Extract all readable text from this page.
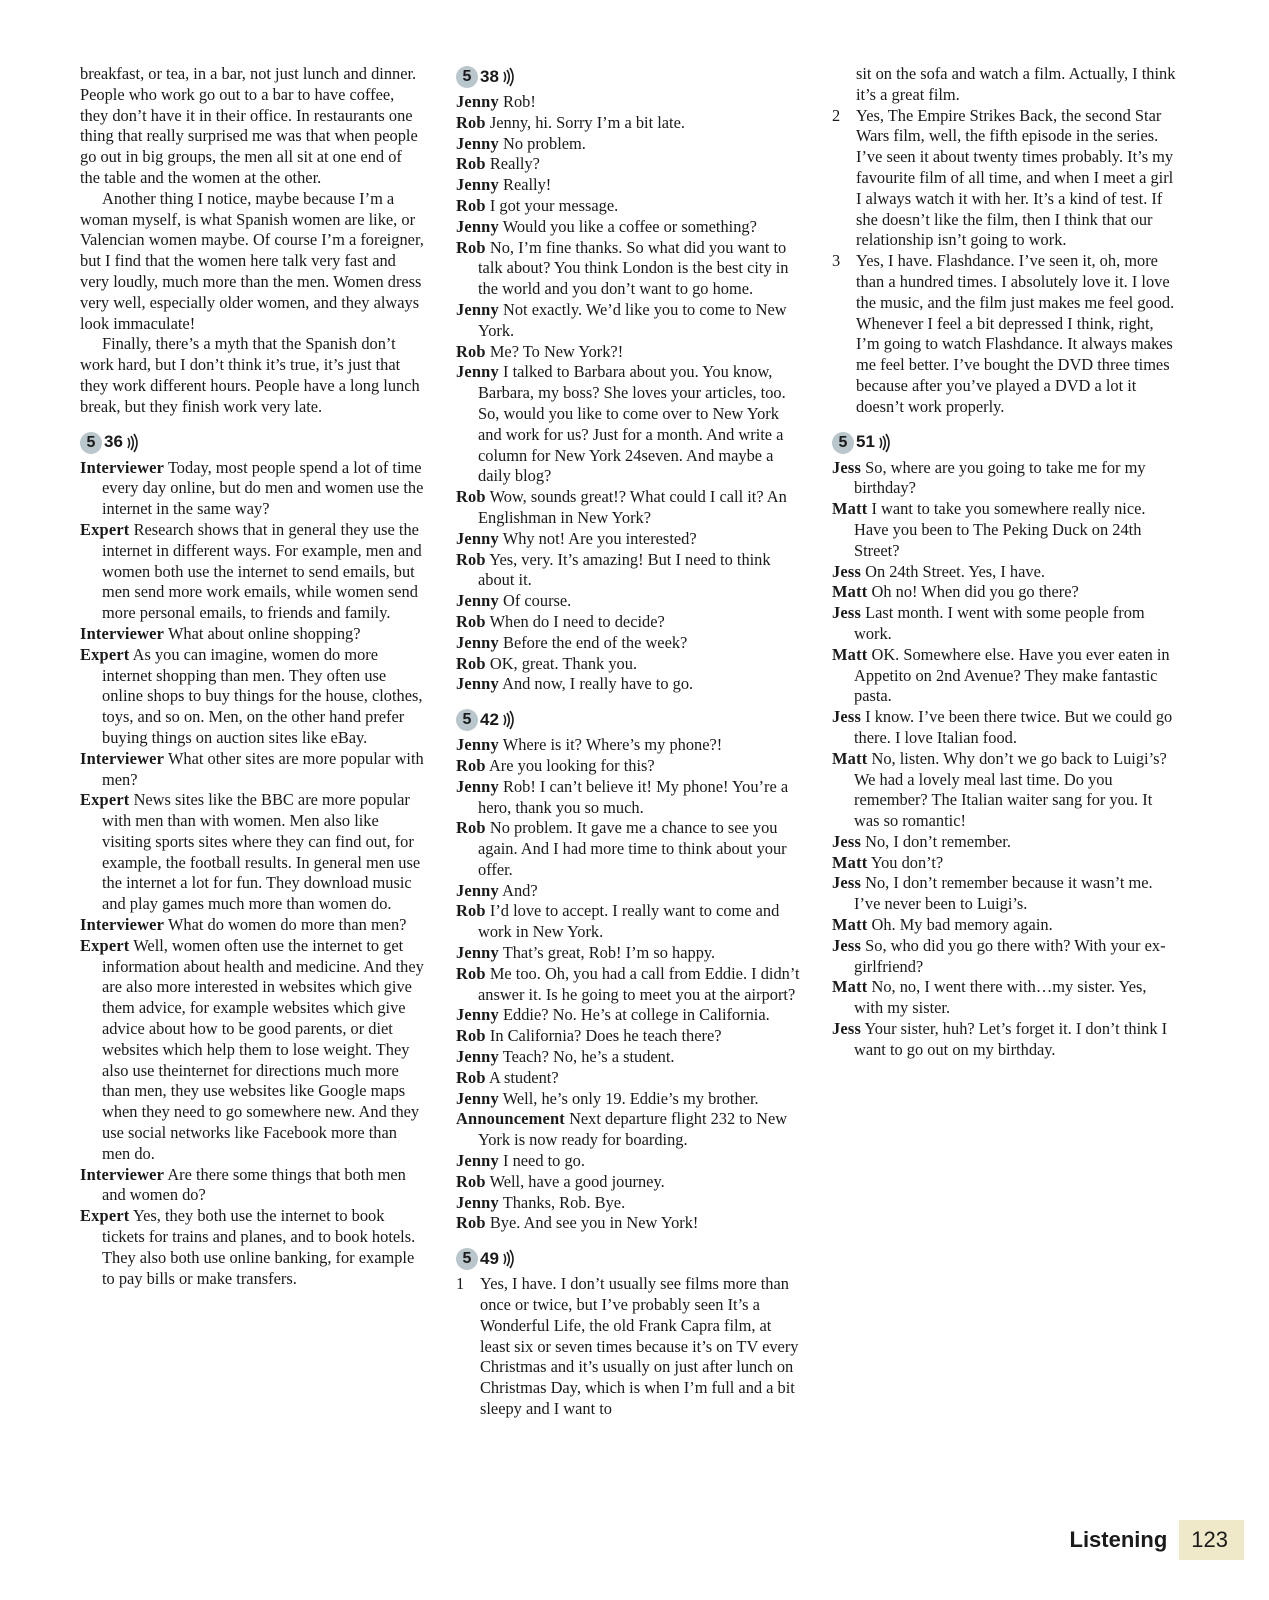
breakfast, or tea, in a bar, not just lunch and dinner. People who work go out to a bar to have coffee, they don’t have it in their office. In restaurants one thing that really surprised me was that when people go out in big groups, the men all sit at one end of the table and the women at the other.

Another thing I notice, maybe because I’m a woman myself, is what Spanish women are like, or Valencian women maybe. Of course I’m a foreigner, but I find that the women here talk very fast and very loudly, much more than the men. Women dress very well, especially older women, and they always look immaculate!

Finally, there’s a myth that the Spanish don’t work hard, but I don’t think it’s true, it’s just that they work different hours. People have a long lunch break, but they finish work very late.

5 36

Interviewer Today, most people spend a lot of time every day online, but do men and women use the internet in the same way?

Expert Research shows that in general they use the internet in different ways. For example, men and women both use the internet to send emails, but men send more work emails, while women send more personal emails, to friends and family.

Interviewer What about online shopping?

Expert As you can imagine, women do more internet shopping than men. They often use online shops to buy things for the house, clothes, toys, and so on. Men, on the other hand prefer buying things on auction sites like eBay.

Interviewer What other sites are more popular with men?

Expert News sites like the BBC are more popular with men than with women. Men also like visiting sports sites where they can find out, for example, the football results. In general men use the internet a lot for fun. They download music and play games much more than women do.

Interviewer What do women do more than men?

Expert Well, women often use the internet to get information about health and medicine. And they are also more interested in websites which give them advice, for example websites which give advice about how to be good parents, or diet websites which help them to lose weight. They also use theinternet for directions much more than men, they use websites like Google maps when they need to go somewhere new. And they use social networks like Facebook more than men do.

Interviewer Are there some things that both men and women do?

Expert Yes, they both use the internet to book tickets for trains and planes, and to book hotels. They also both use online banking, for example to pay bills or make transfers.

5 38

Jenny Rob!

Rob Jenny, hi. Sorry I’m a bit late.

Jenny No problem.

Rob Really?

Jenny Really!

Rob I got your message.

Jenny Would you like a coffee or something?

Rob No, I’m fine thanks. So what did you want to talk about? You think London is the best city in the world and you don’t want to go home.

Jenny Not exactly. We’d like you to come to New York.

Rob Me? To New York?!

Jenny I talked to Barbara about you. You know, Barbara, my boss? She loves your articles, too. So, would you like to come over to New York and work for us? Just for a month. And write a column for New York 24seven. And maybe a daily blog?

Rob Wow, sounds great!? What could I call it? An Englishman in New York?

Jenny Why not! Are you interested?

Rob Yes, very. It’s amazing! But I need to think about it.

Jenny Of course.

Rob When do I need to decide?

Jenny Before the end of the week?

Rob OK, great. Thank you.

Jenny And now, I really have to go.

5 42

Jenny Where is it? Where’s my phone?!

Rob Are you looking for this?

Jenny Rob! I can’t believe it! My phone! You’re a hero, thank you so much.

Rob No problem. It gave me a chance to see you again. And I had more time to think about your offer.

Jenny And?

Rob I’d love to accept. I really want to come and work in New York.

Jenny That’s great, Rob! I’m so happy.

Rob Me too. Oh, you had a call from Eddie. I didn’t answer it. Is he going to meet you at the airport?

Jenny Eddie? No. He’s at college in California.

Rob In California? Does he teach there?

Jenny Teach? No, he’s a student.

Rob A student?

Jenny Well, he’s only 19. Eddie’s my brother.

Announcement Next departure flight 232 to New York is now ready for boarding.

Jenny I need to go.

Rob Well, have a good journey.

Jenny Thanks, Rob. Bye.

Rob Bye. And see you in New York!

5 49

1 Yes, I have. I don’t usually see films more than once or twice, but I’ve probably seen It’s a Wonderful Life, the old Frank Capra film, at least six or seven times because it’s on TV every Christmas and it’s usually on just after lunch on Christmas Day, which is when I’m full and a bit sleepy and I want to

sit on the sofa and watch a film. Actually, I think it’s a great film.

2 Yes, The Empire Strikes Back, the second Star Wars film, well, the fifth episode in the series. I’ve seen it about twenty times probably. It’s my favourite film of all time, and when I meet a girl I always watch it with her. It’s a kind of test. If she doesn’t like the film, then I think that our relationship isn’t going to work.

3 Yes, I have. Flashdance. I’ve seen it, oh, more than a hundred times. I absolutely love it. I love the music, and the film just makes me feel good. Whenever I feel a bit depressed I think, right, I’m going to watch Flashdance. It always makes me feel better. I’ve bought the DVD three times because after you’ve played a DVD a lot it doesn’t work properly.

5 51

Jess So, where are you going to take me for my birthday?

Matt I want to take you somewhere really nice. Have you been to The Peking Duck on 24th Street?

Jess On 24th Street. Yes, I have.

Matt Oh no! When did you go there?

Jess Last month. I went with some people from work.

Matt OK. Somewhere else. Have you ever eaten in Appetito on 2nd Avenue? They make fantastic pasta.

Jess I know. I’ve been there twice. But we could go there. I love Italian food.

Matt No, listen. Why don’t we go back to Luigi’s? We had a lovely meal last time. Do you remember? The Italian waiter sang for you. It was so romantic!

Jess No, I don’t remember.

Matt You don’t?

Jess No, I don’t remember because it wasn’t me. I’ve never been to Luigi’s.

Matt Oh. My bad memory again.

Jess So, who did you go there with? With your ex-girlfriend?

Matt No, no, I went there with…my sister. Yes, with my sister.

Jess Your sister, huh? Let’s forget it. I don’t think I want to go out on my birthday.

Listening	123
